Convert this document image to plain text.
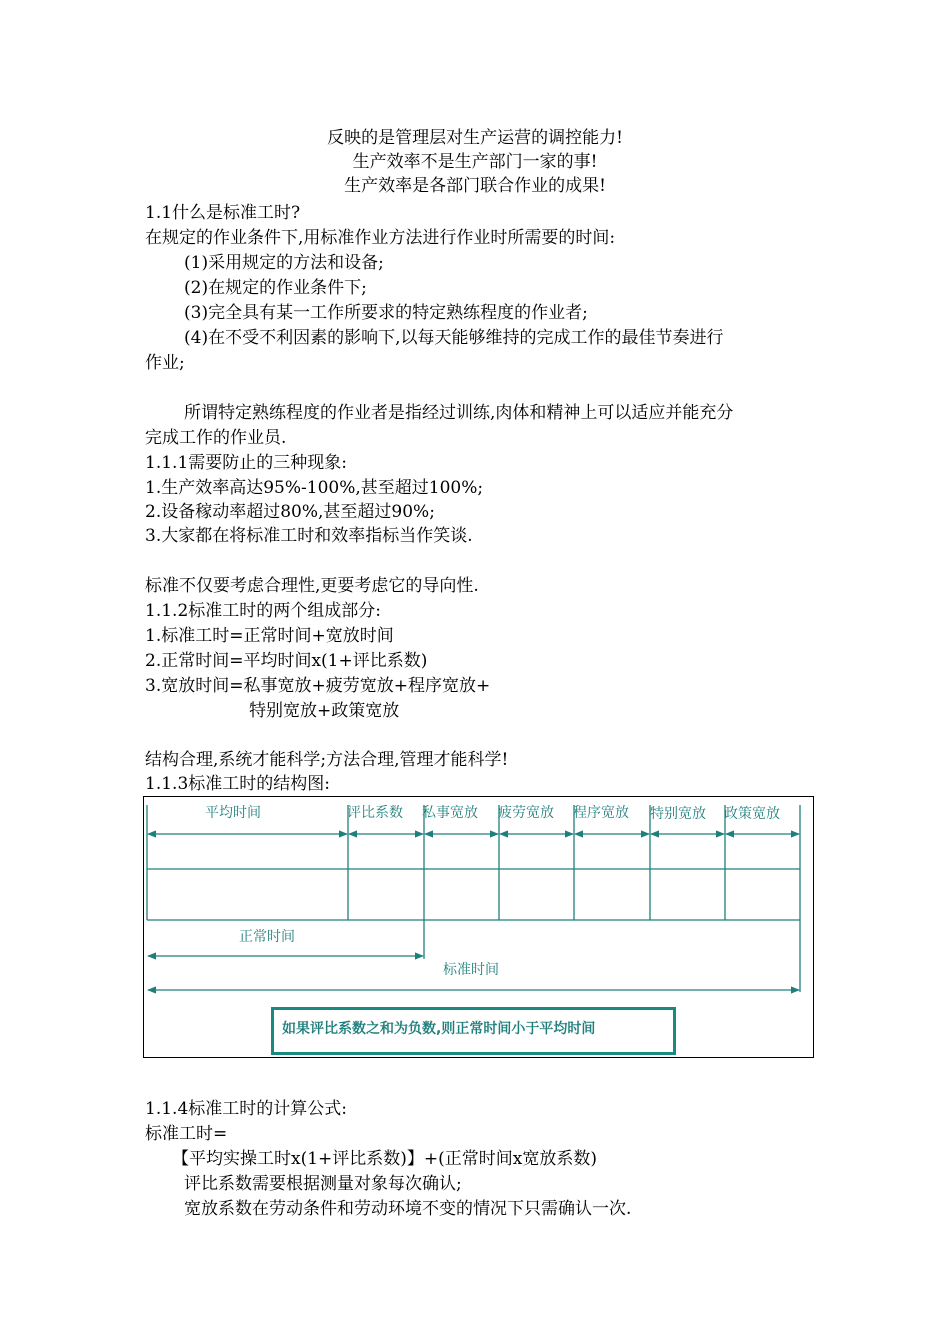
反映的是管理层对生产运营的调控能力!
生产效率不是生产部门一家的事!
生产效率是各部门联合作业的成果!
1.1什么是标准工时?
在规定的作业条件下,用标准作业方法进行作业时所需要的时间:
(1)采用规定的方法和设备;
(2)在规定的作业条件下;
(3)完全具有某一工作所要求的特定熟练程度的作业者;
(4)在不受不利因素的影响下,以每天能够维持的完成工作的最佳节奏进行
作业;
所谓特定熟练程度的作业者是指经过训练,肉体和精神上可以适应并能充分
完成工作的作业员.
1.1.1需要防止的三种现象:
1.生产效率高达95%-100%,甚至超过100%;
2.设备稼动率超过80%,甚至超过90%;
3.大家都在将标准工时和效率指标当作笑谈.
标准不仅要考虑合理性,更要考虑它的导向性.
1.1.2标准工时的两个组成部分:
1.标准工时=正常时间+宽放时间
2.正常时间=平均时间x(1+评比系数)
3.宽放时间=私事宽放+疲劳宽放+程序宽放+
特别宽放+政策宽放
结构合理,系统才能科学;方法合理,管理才能科学!
1.1.3标准工时的结构图:
平均时间	评比系数 私事宽放 疲劳宽放 程序宽放 特别宽放 政策宽放
正常时间
标准时间
如果评比系数之和为负数,则正常时间小于平均时间
1.1.4标准工时的计算公式:
标准工时=
【平均实操工时x(1+评比系数)】+(正常时间x宽放系数)
评比系数需要根据测量对象每次确认;
宽放系数在劳动条件和劳动环境不变的情况下只需确认一次.
